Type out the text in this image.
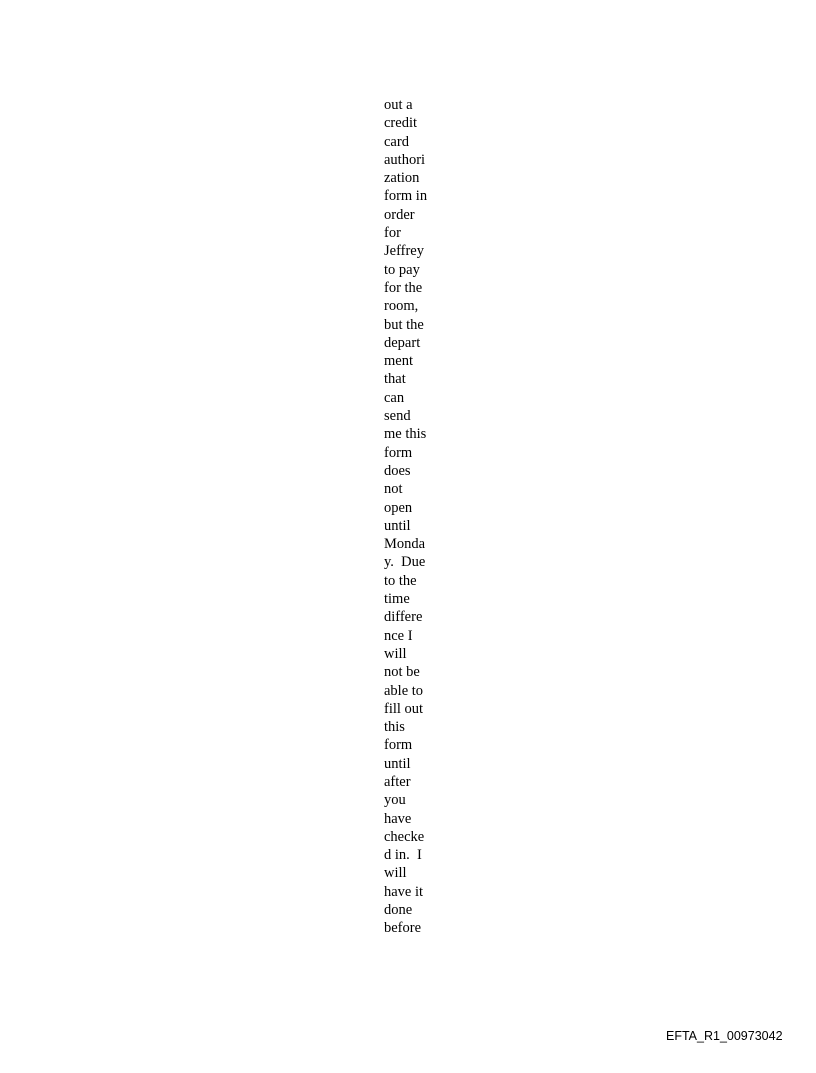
out a
credit
card
authori
zation
form in
order
for
Jeffrey
to pay
for the
room,
but the
depart
ment
that
can
send
me this
form
does
not
open
until
Monda
y.  Due
to the
time
differe
nce I
will
not be
able to
fill out
this
form
until
after
you
have
checke
d in.  I
will
have it
done
before
EFTA_R1_00973042
